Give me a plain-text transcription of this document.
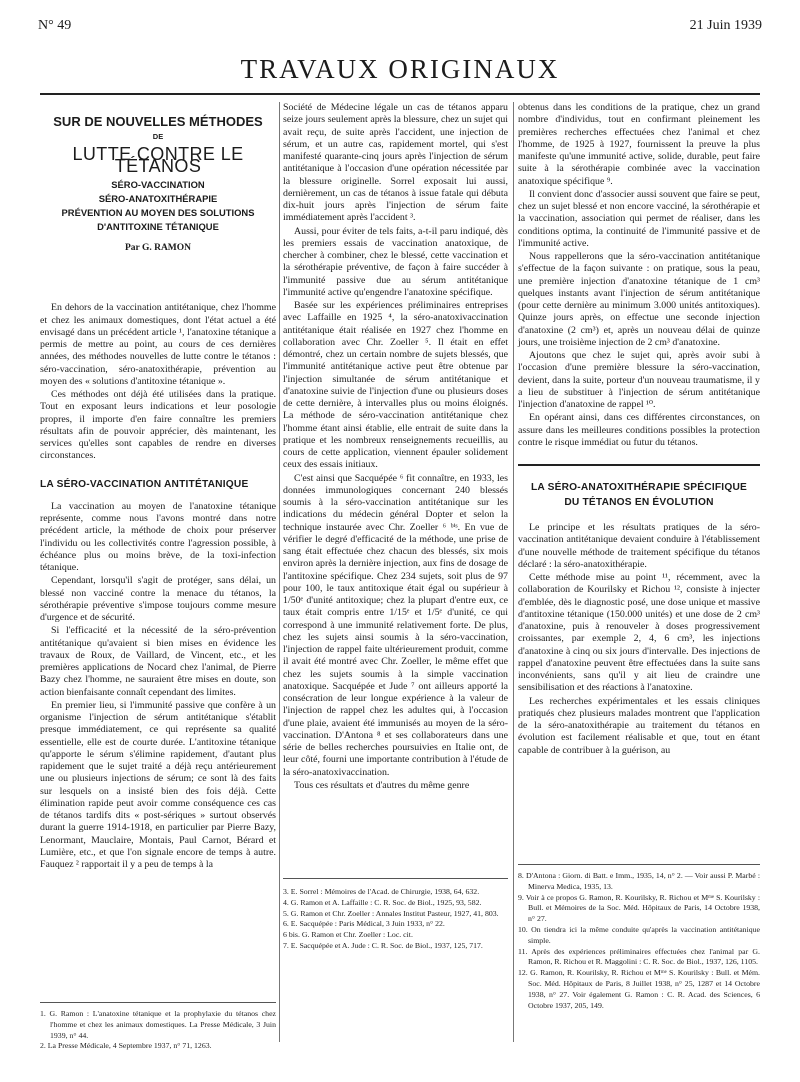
N° 49	21 Juin 1939
TRAVAUX ORIGINAUX
SUR DE NOUVELLES MÉTHODES
DE
LUTTE CONTRE LE TÉTANOS
SÉRO-VACCINATION
SÉRO-ANATOXITHÉRAPIE
PRÉVENTION AU MOYEN DES SOLUTIONS
D'ANTITOXINE TÉTANIQUE
Par G. RAMON

En dehors de la vaccination antitétanique, chez l'homme et chez les animaux domestiques, dont l'état actuel a été envisagé dans un précédent article ¹, l'anatoxine tétanique a permis de mettre au point, au cours de ces dernières années, des méthodes nouvelles de lutte contre le tétanos : séro-vaccination, séro-anatoxithérapie, prévention au moyen des « solutions d'antitoxine tétanique ».

Ces méthodes ont déjà été utilisées dans la pratique. Tout en exposant leurs indications et leur posologie propres, il importe d'en faire connaître les premiers résultats afin de pouvoir apprécier, dès maintenant, les services qu'elles sont capables de rendre en diverses circonstances.

LA SÉRO-VACCINATION ANTITÉTANIQUE

La vaccination au moyen de l'anatoxine tétanique représente, comme nous l'avons montré dans notre précédent article, la méthode de choix pour préserver l'individu ou les collectivités contre l'agression possible, à échéance plus ou moins brève, de la toxi-infection tétanique.

Cependant, lorsqu'il s'agit de protéger, sans délai, un blessé non vacciné contre la menace du tétanos, la sérothérapie préventive s'impose toujours comme mesure d'urgence et de sécurité.

Si l'efficacité et la nécessité de la séro-prévention antitétanique qu'avaient si bien mises en évidence les travaux de Roux, de Vaillard, de Vincent, etc., et les premières applications de Nocard chez l'animal, de Pierre Bazy chez l'homme, ne sauraient être mises en doute, son action bienfaisante connaît cependant des limites.

En premier lieu, si l'immunité passive que confère à un organisme l'injection de sérum antitétanique s'établit presque immédiatement, ce qui représente sa qualité essentielle, elle est de courte durée. L'antitoxine tétanique qu'apporte le sérum s'élimine rapidement, d'autant plus rapidement que le sujet traité a déjà reçu antérieurement une ou plusieurs injections de sérum; ce sont là des faits sur lesquels on a insisté bien des fois déjà. Cette élimination rapide peut avoir comme conséquence ces cas de tétanos tardifs dits « post-sériques » surtout observés durant la guerre 1914-1918, en particulier par Pierre Bazy, Lenormant, Mauclaire, Montais, Paul Carnot, Bérard et Lumière, etc., et que l'on signale encore de temps à autre. Fauquez ² rapportait il y a peu de temps à la

1. G. Ramon : L'anatoxine tétanique et la prophylaxie du tétanos chez l'homme et chez les animaux domestiques. La Presse Médicale, 3 Juin 1939, n° 44.
2. La Presse Médicale, 4 Septembre 1937, n° 71, 1263.

Société de Médecine légale un cas de tétanos apparu seize jours seulement après la blessure, chez un sujet qui avait reçu, de suite après l'accident, une injection de sérum, et un autre cas, rapidement mortel, qui s'est manifesté quarante-cinq jours après l'injection de sérum antitétanique à l'occasion d'une opération nécessitée par la blessure originelle. Sorrel exposait lui aussi, dernièrement, un cas de tétanos à issue fatale qui débuta dix-huit jours après l'injection de sérum faite immédiatement après l'accident ³.

Aussi, pour éviter de tels faits, a-t-il paru indiqué, dès les premiers essais de vaccination anatoxique, de chercher à combiner, chez le blessé, cette vaccination et la sérothérapie préventive, de façon à faire succéder à l'immunité passive due au sérum antitétanique l'immunité active qu'engendre l'anatoxine spécifique.

Basée sur les expériences préliminaires entreprises avec Laffaille en 1925 ⁴, la séro-anatoxivaccination antitétanique était réalisée en 1927 chez l'homme en collaboration avec Chr. Zoeller ⁵. Il était en effet démontré, chez un certain nombre de sujets blessés, que l'immunité antitétanique active peut être obtenue par l'injection simultanée de sérum antitétanique et d'anatoxine suivie de l'injection d'une ou plusieurs doses de cette dernière, à intervalles plus ou moins éloignés. La méthode de séro-vaccination antitétanique chez l'homme étant ainsi établie, elle entrait de suite dans la pratique et les nombreux renseignements recueillis, au cours de cette application, viennent épauler solidement ceux des essais initiaux.

C'est ainsi que Sacquépée ⁶ fit connaître, en 1933, les données immunologiques concernant 240 blessés soumis à la séro-vaccination antitétanique sur les indications du médecin général Dopter et selon la technique instaurée avec Chr. Zoeller ⁶ ᵇⁱˢ. En vue de vérifier le degré d'efficacité de la méthode, une prise de sang était effectuée chez chacun des blessés, six mois environ après la dernière injection, aux fins de dosage de l'antitoxine spécifique. Chez 234 sujets, soit plus de 97 pour 100, le taux antitoxique était égal ou supérieur à 1/50ᵉ d'unité antitoxique; chez la plupart d'entre eux, ce taux était compris entre 1/15ᵉ et 1/5ᵉ d'unité, ce qui correspond à une immunité relativement forte. De plus, chez les sujets ainsi soumis à la séro-vaccination, l'injection de rappel faite ultérieurement produit, comme il avait été montré avec Chr. Zoeller, le même effet que chez les sujets soumis à la simple vaccination anatoxique. Sacquépée et Jude ⁷ ont ailleurs apporté la consécration de leur longue expérience à la valeur de l'injection de rappel chez les adultes qui, à l'occasion d'une plaie, avaient été immunisés au moyen de la séro-vaccination. D'Antona ⁸ et ses collaborateurs dans une série de belles recherches poursuivies en Italie ont, de leur côté, fourni une importante contribution à l'étude de la séro-anatoxivaccination.

Tous ces résultats et d'autres du même genre

3. E. Sorrel : Mémoires de l'Acad. de Chirurgie, 1938, 64, 632.
4. G. Ramon et A. Laffaille : C. R. Soc. de Biol., 1925, 93, 582.
5. G. Ramon et Chr. Zoeller : Annales Institut Pasteur, 1927, 41, 803.
6. E. Sacquépée : Paris Médical, 3 Juin 1933, n° 22.
6 bis. G. Ramon et Chr. Zoeller : Loc. cit.
7. E. Sacquépée et A. Jude : C. R. Soc. de Biol., 1937, 125, 717.

obtenus dans les conditions de la pratique, chez un grand nombre d'individus, tout en confirmant pleinement les premières recherches effectuées chez l'animal et chez l'homme, de 1925 à 1927, fournissent la preuve la plus manifeste qu'une immunité active, solide, durable, peut faire suite à la sérothérapie combinée avec la vaccination anatoxique spécifique ⁹.

Il convient donc d'associer aussi souvent que faire se peut, chez un sujet blessé et non encore vacciné, la sérothérapie et la vaccination, association qui permet de réaliser, dans les conditions optima, la continuité de l'immunité passive et de l'immunité active.

Nous rappellerons que la séro-vaccination antitétanique s'effectue de la façon suivante : on pratique, sous la peau, une première injection d'anatoxine tétanique de 1 cm³ quelques instants avant l'injection de sérum antitétanique (pour cette dernière au minimum 3.000 unités antitoxiques). Quinze jours après, on effectue une seconde injection d'anatoxine (2 cm³) et, après un nouveau délai de quinze jours, une troisième injection de 2 cm³ d'anatoxine.

Ajoutons que chez le sujet qui, après avoir subi à l'occasion d'une première blessure la séro-vaccination, devient, dans la suite, porteur d'un nouveau traumatisme, il y a lieu de substituer à l'injection de sérum antitétanique l'injection d'anatoxine de rappel ¹⁰.

En opérant ainsi, dans ces différentes circonstances, on assure dans les meilleures conditions possibles la protection contre le risque immédiat ou futur du tétanos.

LA SÉRO-ANATOXITHÉRAPIE SPÉCIFIQUE
DU TÉTANOS EN ÉVOLUTION

Le principe et les résultats pratiques de la séro-vaccination antitétanique devaient conduire à l'établissement d'une nouvelle méthode de traitement spécifique du tétanos déclaré : la séro-anatoxithérapie.

Cette méthode mise au point ¹¹, récemment, avec la collaboration de Kourilsky et Richou ¹², consiste à injecter d'emblée, dès le diagnostic posé, une dose unique et massive d'antitoxine tétanique (150.000 unités) et une dose de 2 cm³ d'anatoxine, puis à renouveler à doses progressivement croissantes, par exemple 2, 4, 6 cm³, les injections d'anatoxine à cinq ou six jours d'intervalle. Des injections de rappel d'anatoxine peuvent être effectuées dans la suite sans inconvénients, sans qu'il y ait lieu de craindre une sensibilisation et des réactions à l'anatoxine.

Les recherches expérimentales et les essais cliniques pratiqués chez plusieurs malades montrent que l'application de la séro-anatoxithérapie au traitement du tétanos en évolution est facilement réalisable et que, tout en étant capable de contribuer à la guérison, au

8. D'Antona : Giorn. di Batt. e Imm., 1935, 14, n° 2. — Voir aussi P. Marbé : Minerva Medica, 1935, 13.
9. Voir à ce propos G. Ramon, R. Kourilsky, R. Richou et Mᵐᵉ S. Kourilsky : Bull. et Mémoires de la Soc. Méd. Hôpitaux de Paris, 14 Octobre 1938, n° 27.
10. On tiendra ici la même conduite qu'après la vaccination antitétanique simple.
11. Après des expériences préliminaires effectuées chez l'animal par G. Ramon, R. Richou et R. Maggolini : C. R. Soc. de Biol., 1937, 126, 1105.
12. G. Ramon, R. Kourilsky, R. Richou et Mᵐᵉ S. Kourilsky : Bull. et Mém. Soc. Méd. Hôpitaux de Paris, 8 Juillet 1938, n° 25, 1287 et 14 Octobre 1938, n° 27. Voir également G. Ramon : C. R. Acad. des Sciences, 6 Octobre 1937, 205, 149.
